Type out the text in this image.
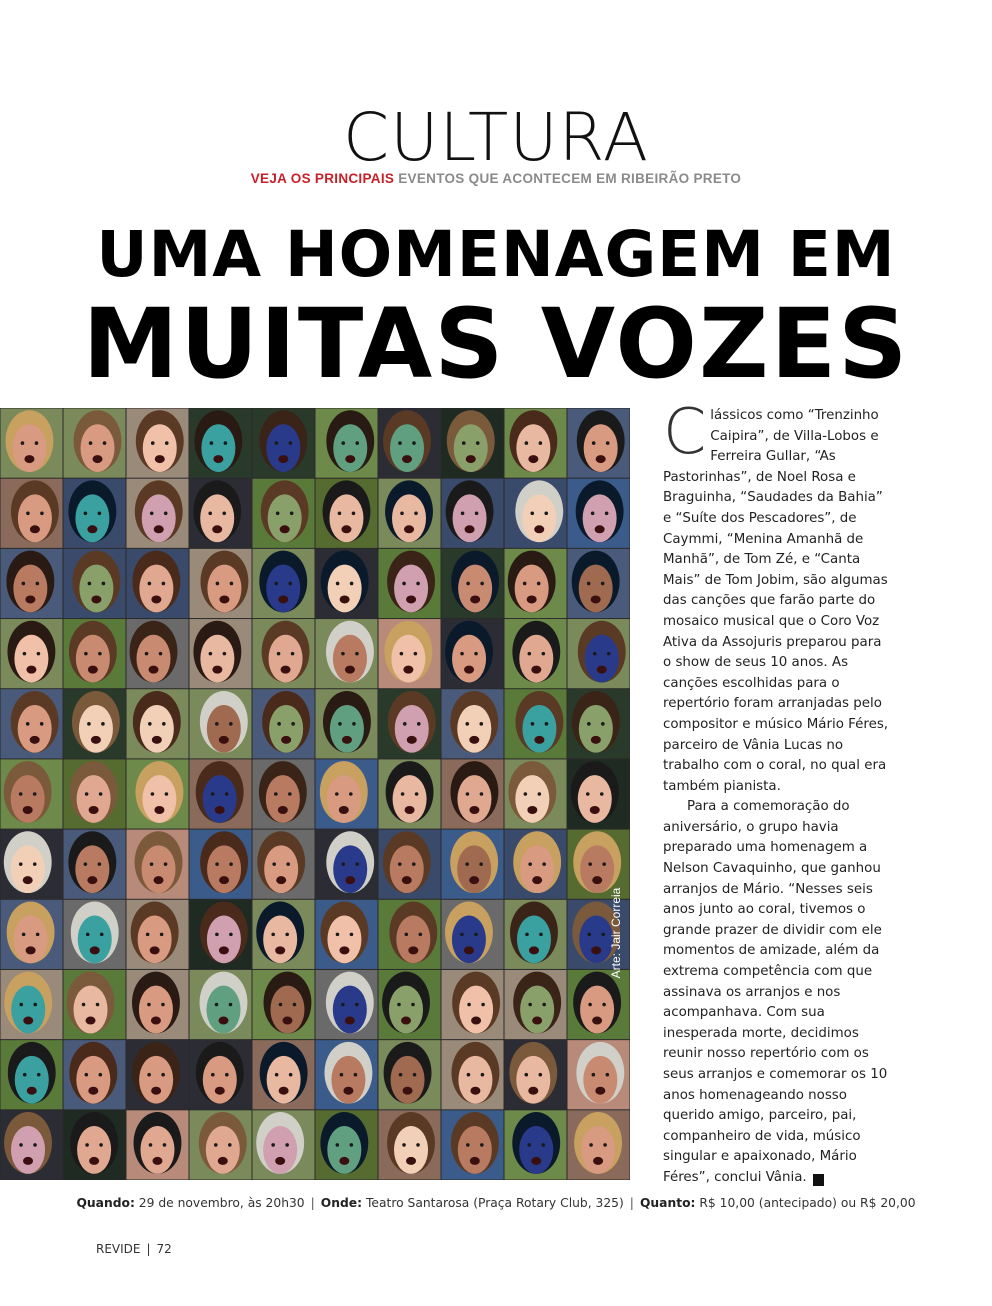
CULTURA
VEJA OS PRINCIPAIS EVENTOS QUE ACONTECEM EM RIBEIRÃO PRETO
UMA HOMENAGEM EM
MUITAS VOZES
Arte: Jair Correia

Clássicos como “Trenzinho Caipira”, de Villa-Lobos e Ferreira Gullar, “As Pastorinhas”, de Noel Rosa e Braguinha, “Saudades da Bahia” e “Suíte dos Pescadores”, de Caymmi, “Menina Amanhã de Manhã”, de Tom Zé, e “Canta Mais” de Tom Jobim, são algumas das canções que farão parte do mosaico musical que o Coro Voz Ativa da Assojuris preparou para o show de seus 10 anos. As canções escolhidas para o repertório foram arranjadas pelo compositor e músico Mário Féres, parceiro de Vânia Lucas no trabalho com o coral, no qual era também pianista.

Para a comemoração do aniversário, o grupo havia preparado uma homenagem a Nelson Cavaquinho, que ganhou arranjos de Mário. “Nesses seis anos junto ao coral, tivemos o grande prazer de dividir com ele momentos de amizade, além da extrema competência com que assinava os arranjos e nos acompanhava. Com sua inesperada morte, decidimos reunir nosso repertório com os seus arranjos e comemorar os 10 anos homenageando nosso querido amigo, parceiro, pai, companheiro de vida, músico singular e apaixonado, Mário Féres”, conclui Vânia.	r

Quando: 29 de novembro, às 20h30 | Onde: Teatro Santarosa (Praça Rotary Club, 325) | Quanto: R$ 10,00 (antecipado) ou R$ 20,00
REVIDE | 72
